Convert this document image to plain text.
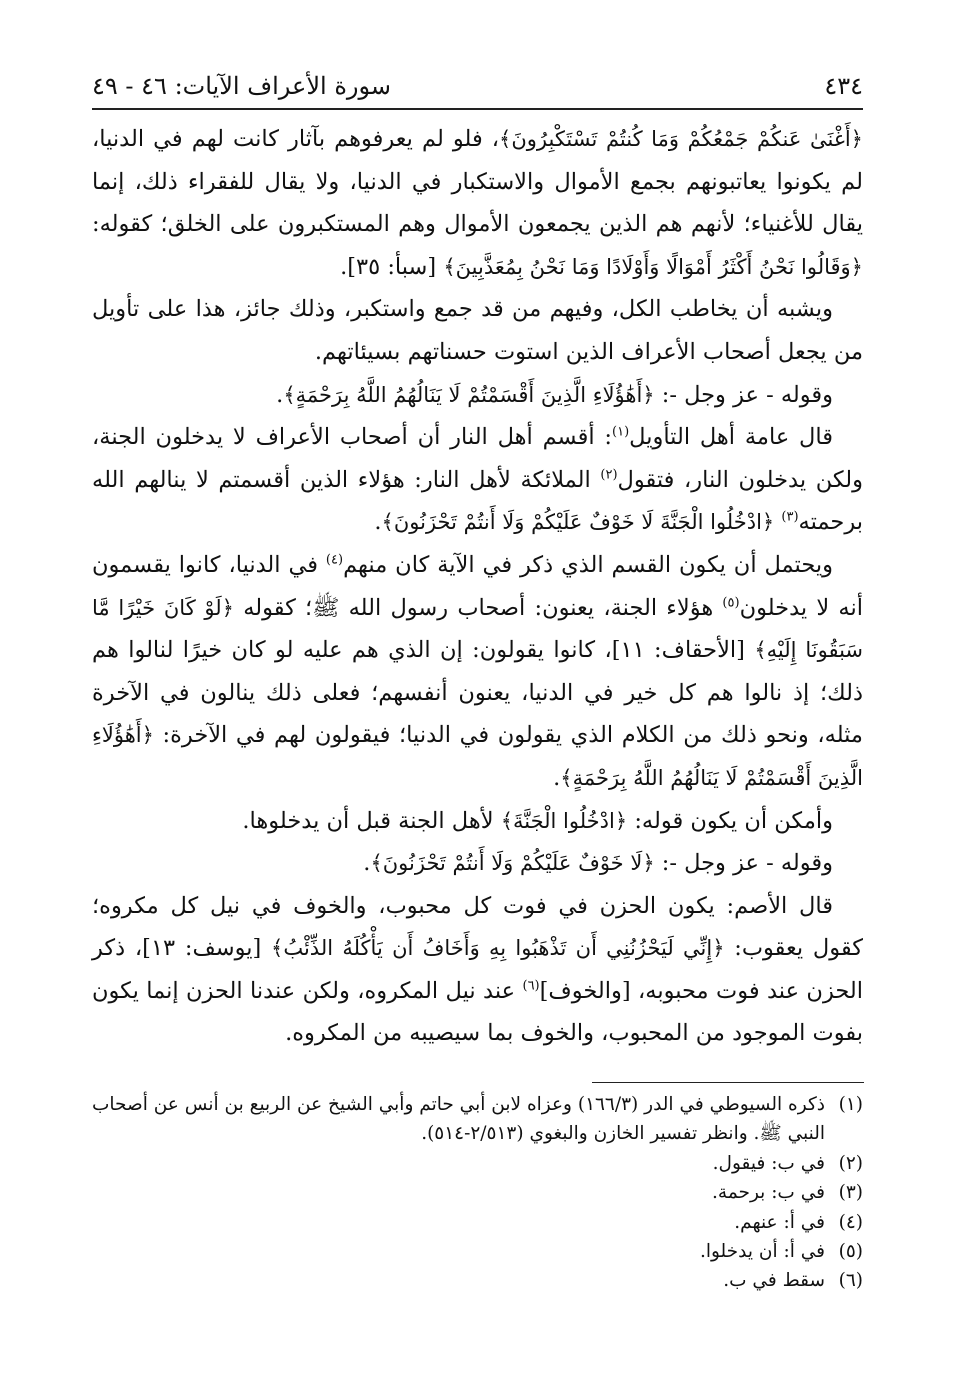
٤٣٤
سورة الأعراف الآيات: ٤٦ - ٤٩

﴿أَغْنَىٰ عَنكُمْ جَمْعُكُمْ وَمَا كُنتُمْ تَسْتَكْبِرُونَ﴾، فلو لم يعرفوهم بآثار كانت لهم في الدنيا، لم يكونوا يعاتبونهم بجمع الأموال والاستكبار في الدنيا، ولا يقال للفقراء ذلك، إنما يقال للأغنياء؛ لأنهم هم الذين يجمعون الأموال وهم المستكبرون على الخلق؛ كقوله: ﴿وَقَالُوا نَحْنُ أَكْثَرُ أَمْوَالًا وَأَوْلَادًا وَمَا نَحْنُ بِمُعَذَّبِينَ﴾ [سبأ: ٣٥].

ويشبه أن يخاطب الكل، وفيهم من قد جمع واستكبر، وذلك جائز، هذا على تأويل من يجعل أصحاب الأعراف الذين استوت حسناتهم بسيئاتهم.

وقوله - عز وجل -: ﴿أَهَٰؤُلَاءِ الَّذِينَ أَقْسَمْتُمْ لَا يَنَالُهُمُ اللَّهُ بِرَحْمَةٍ﴾.

قال عامة أهل التأويل$^{(١)}$: أقسم أهل النار أن أصحاب الأعراف لا يدخلون الجنة، ولكن يدخلون النار، فتقول$^{(٢)}$ الملائكة لأهل النار: هؤلاء الذين أقسمتم لا ينالهم الله برحمته$^{(٣)}$ ﴿ادْخُلُوا الْجَنَّةَ لَا خَوْفٌ عَلَيْكُمْ وَلَا أَنتُمْ تَحْزَنُونَ﴾.

ويحتمل أن يكون القسم الذي ذكر في الآية كان منهم$^{(٤)}$ في الدنيا، كانوا يقسمون أنه لا يدخلون$^{(٥)}$ هؤلاء الجنة، يعنون: أصحاب رسول الله ﷺ؛ كقوله ﴿لَوْ كَانَ خَيْرًا مَّا سَبَقُونَا إِلَيْهِ﴾ [الأحقاف: ١١]، كانوا يقولون: إن الذي هم عليه لو كان خيرًا لنالوا هم ذلك؛ إذ نالوا هم كل خير في الدنيا، يعنون أنفسهم؛ فعلى ذلك ينالون في الآخرة مثله، ونحو ذلك من الكلام الذي يقولون في الدنيا؛ فيقولون لهم في الآخرة: ﴿أَهَٰؤُلَاءِ الَّذِينَ أَقْسَمْتُمْ لَا يَنَالُهُمُ اللَّهُ بِرَحْمَةٍ﴾.

وأمكن أن يكون قوله: ﴿ادْخُلُوا الْجَنَّةَ﴾ لأهل الجنة قبل أن يدخلوها.

وقوله - عز وجل -: ﴿لَا خَوْفٌ عَلَيْكُمْ وَلَا أَنتُمْ تَحْزَنُونَ﴾.

قال الأصم: يكون الحزن في فوت كل محبوب، والخوف في نيل كل مكروه؛ كقول يعقوب: ﴿إِنِّي لَيَحْزُنُنِي أَن تَذْهَبُوا بِهِ وَأَخَافُ أَن يَأْكُلَهُ الذِّئْبُ﴾ [يوسف: ١٣]، ذكر الحزن عند فوت محبوبه، [والخوف]$^{(٦)}$ عند نيل المكروه، ولكن عندنا الحزن إنما يكون بفوت الموجود من المحبوب، والخوف بما سيصيبه من المكروه.

(١)
ذكره السيوطي في الدر (١٦٦/٣) وعزاه لابن أبي حاتم وأبي الشيخ عن الربيع بن أنس عن أصحاب النبي ﷺ. وانظر تفسير الخازن والبغوي (٢/٥١٣-٥١٤).
(٢)
في ب: فيقول.
(٣)
في ب: برحمة.
(٤)
في أ: عنهم.
(٥)
في أ: أن يدخلوا.
(٦)
سقط في ب.
